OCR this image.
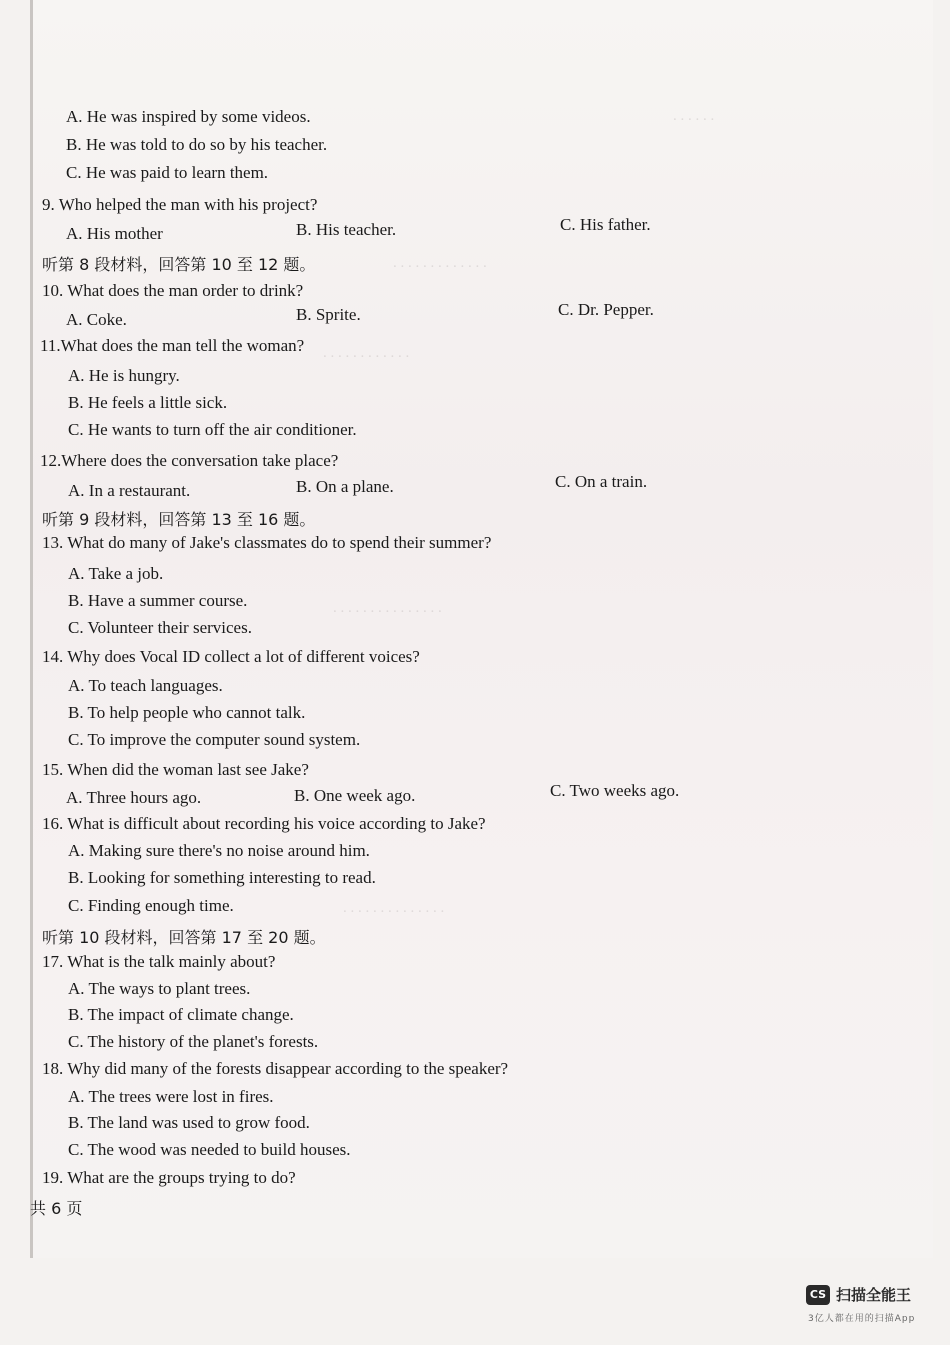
. . . . . .
. . . . . . . . . . . . .
. . . . . . . . . . . .
. . . . . . . . . . . . . . .
. . . . . . . . . . . . . .
A. He was inspired by some videos.
B. He was told to do so by his teacher.
C. He was paid to learn them.
9. Who helped the man with his project?
A. His mother	B. His teacher.	C. His father.
听第 8 段材料，回答第 10 至 12 题。
10. What does the man order to drink?
A. Coke.	B. Sprite.	C. Dr. Pepper.
11.What does the man tell the woman?
A. He is hungry.
B. He feels a little sick.
C. He wants to turn off the air conditioner.
12.Where does the conversation take place?
A. In a restaurant.	B. On a plane.	C. On a train.
听第 9 段材料，回答第 13 至 16 题。
13. What do many of Jake's classmates do to spend their summer?
A. Take a job.
B. Have a summer course.
C. Volunteer their services.
14. Why does Vocal ID collect a lot of different voices?
A. To teach languages.
B. To help people who cannot talk.
C. To improve the computer sound system.
15. When did the woman last see Jake?
A. Three hours ago.	B. One week ago.	C. Two weeks ago.
16. What is difficult about recording his voice according to Jake?
A. Making sure there's no noise around him.
B. Looking for something interesting to read.
C. Finding enough time.
听第 10 段材料，回答第 17 至 20 题。
17. What is the talk mainly about?
A. The ways to plant trees.
B. The impact of climate change.
C. The history of the planet's forests.
18. Why did many of the forests disappear according to the speaker?
A. The trees were lost in fires.
B. The land was used to grow food.
C. The wood was needed to build houses.
19. What are the groups trying to do?
共 6 页
CS 扫描全能王
3亿人都在用的扫描App
